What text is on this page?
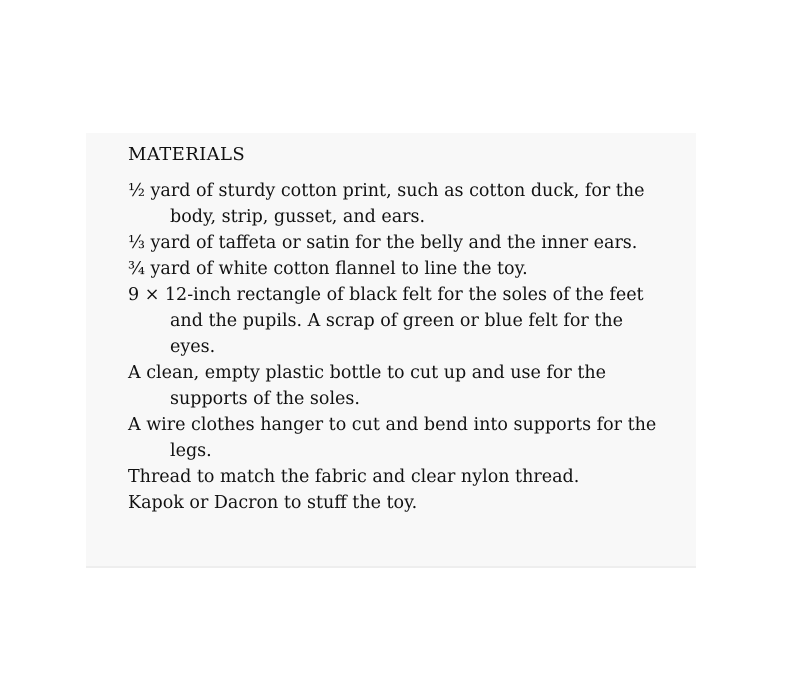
MATERIALS
½ yard of sturdy cotton print, such as cotton duck, for the body, strip, gusset, and ears.
⅓ yard of taffeta or satin for the belly and the inner ears.
¾ yard of white cotton flannel to line the toy.
9 × 12-inch rectangle of black felt for the soles of the feet and the pupils. A scrap of green or blue felt for the eyes.
A clean, empty plastic bottle to cut up and use for the supports of the soles.
A wire clothes hanger to cut and bend into supports for the legs.
Thread to match the fabric and clear nylon thread.
Kapok or Dacron to stuff the toy.
